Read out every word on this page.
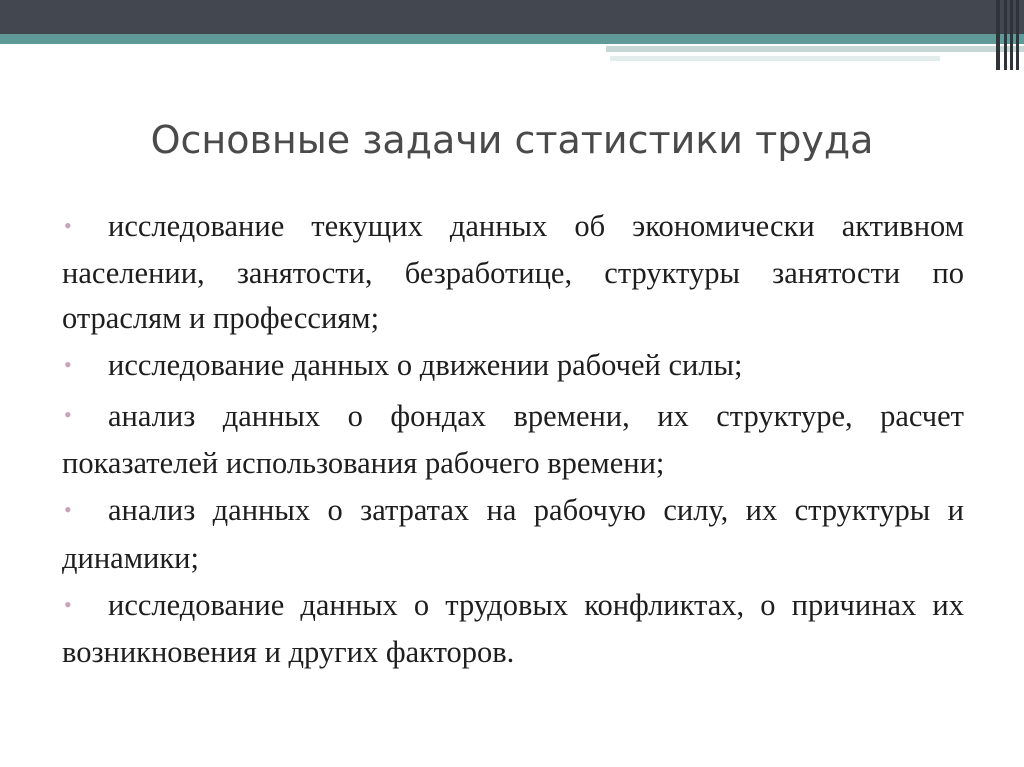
Основные задачи статистики труда
• исследование текущих данных об экономически активном населении, занятости, безработице, структуры занятости по отраслям и профессиям;
• исследование данных о движении рабочей силы;
• анализ данных о фондах времени, их структуре, расчет показателей использования рабочего времени;
• анализ данных о затратах на рабочую силу, их структуры и динамики;
• исследование данных о трудовых конфликтах, о причинах их возникновения и других факторов.
